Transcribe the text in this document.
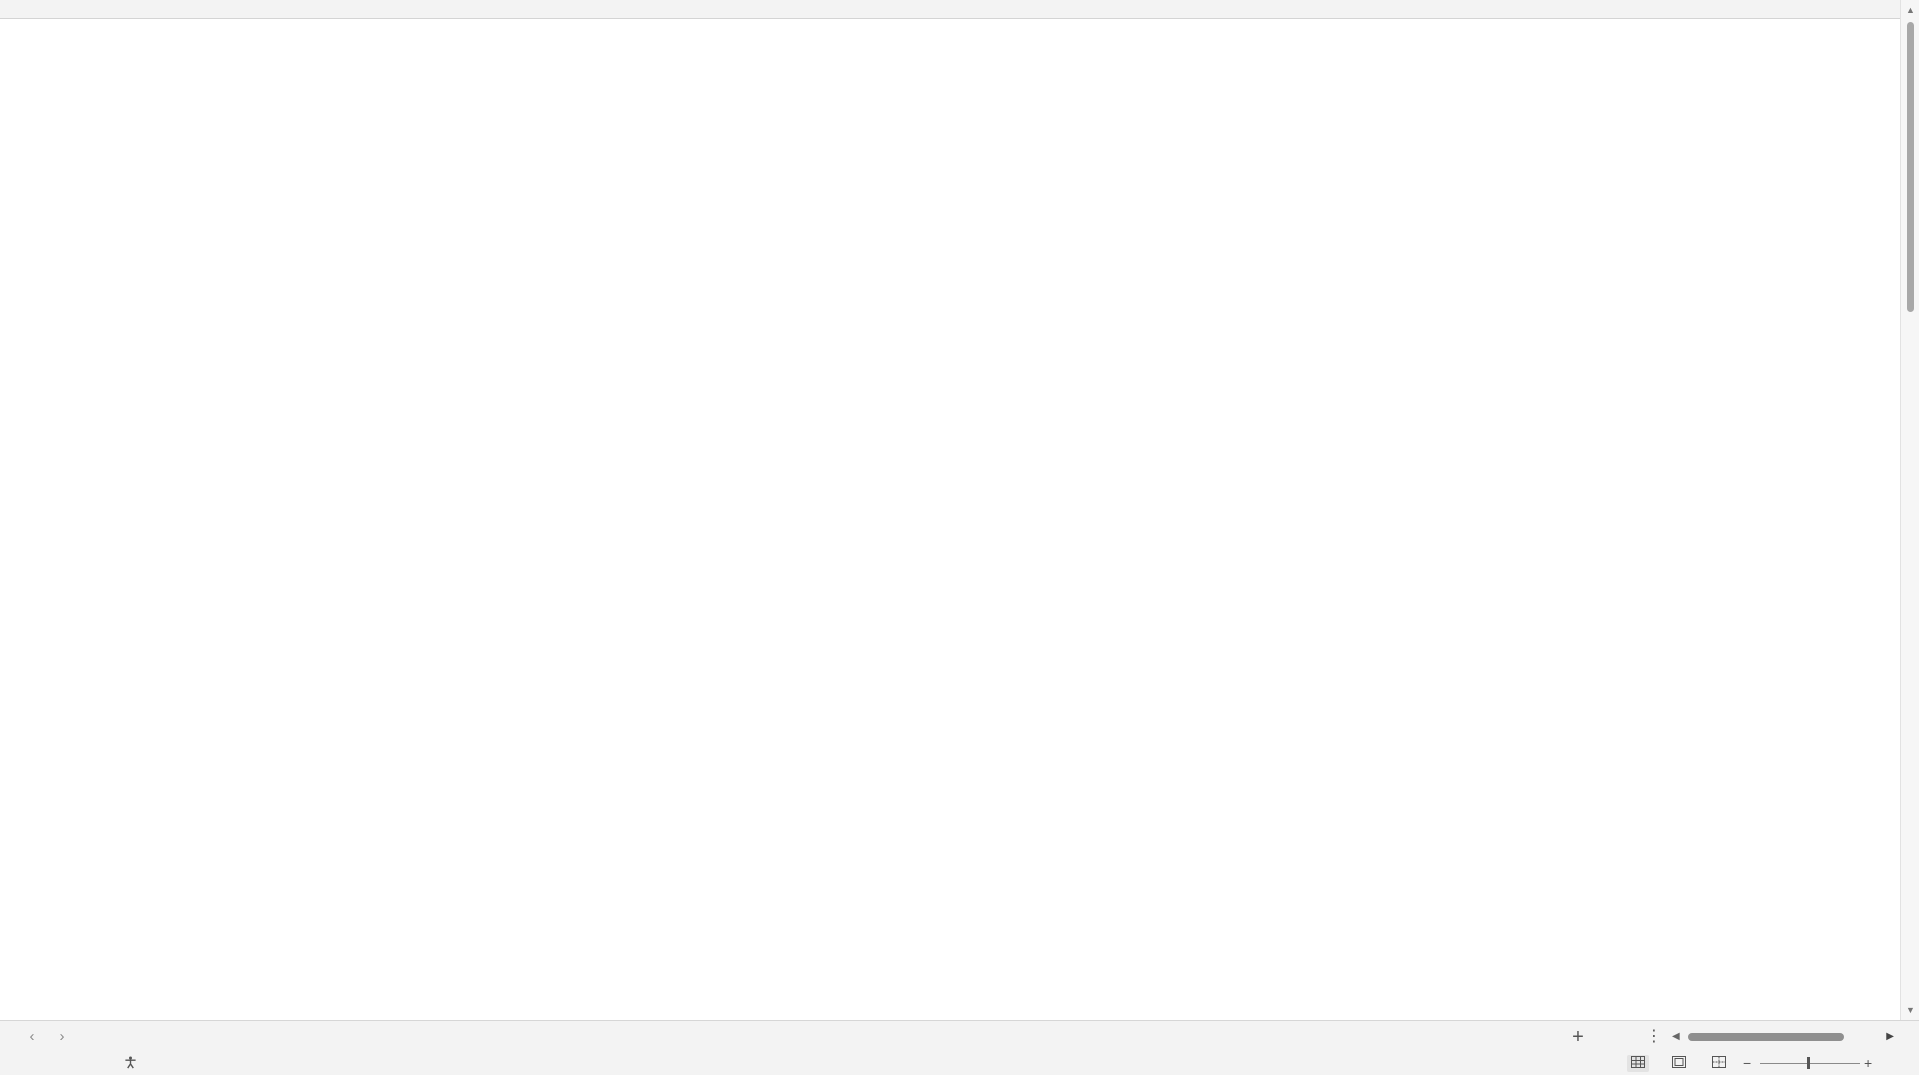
▲
▼
‹	›	+	⋮ ◀	▶
−	+
